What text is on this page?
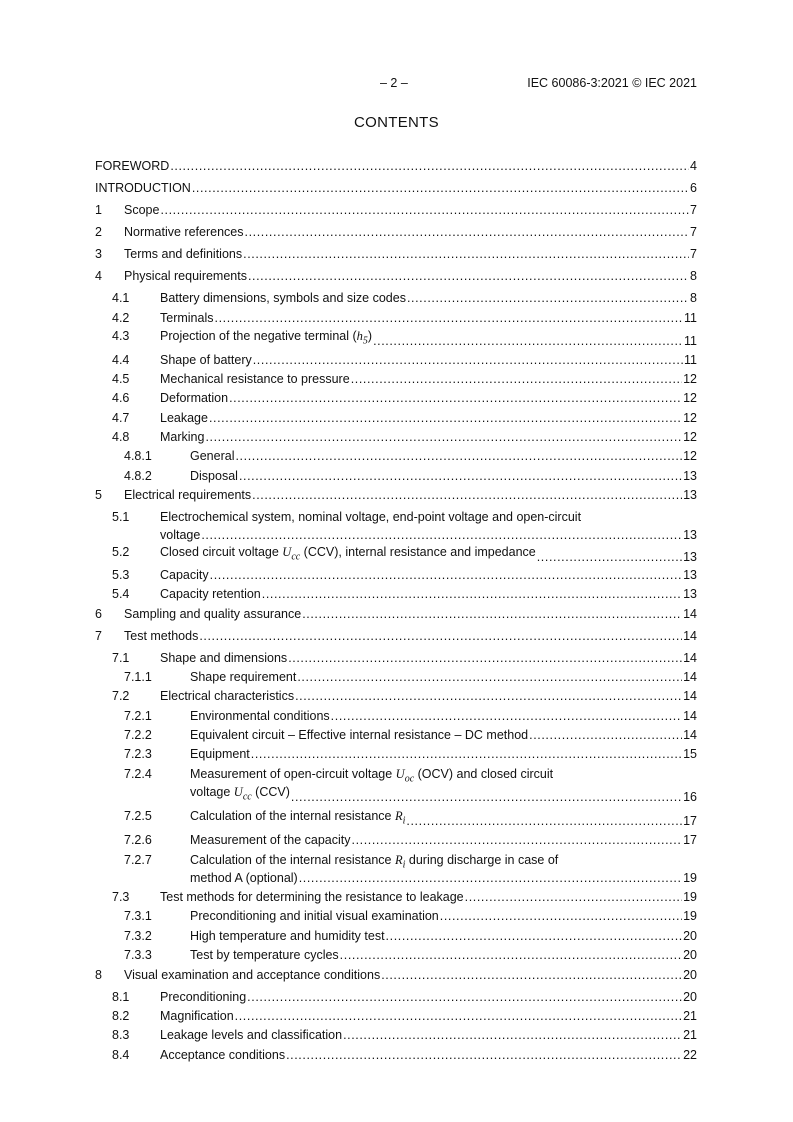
– 2 –	IEC 60086-3:2021 © IEC 2021
CONTENTS
FOREWORD .....	4
INTRODUCTION .....	6
1 Scope .....	7
2 Normative references .....	7
3 Terms and definitions .....	7
4 Physical requirements .....	8
4.1 Battery dimensions, symbols and size codes .....	8
4.2 Terminals .....	11
4.3 Projection of the negative terminal $(h_5)$ .....	11
4.4 Shape of battery .....	11
4.5 Mechanical resistance to pressure .....	12
4.6 Deformation .....	12
4.7 Leakage .....	12
4.8 Marking .....	12
4.8.1	General .....	12
4.8.2	Disposal .....	13
5 Electrical requirements .....	13
5.1 Electrochemical system, nominal voltage, end-point voltage and open-circuit
voltage .....	13
5.2 Closed circuit voltage $U_{cc}$ (CCV), internal resistance and impedance .....	13
5.3 Capacity .....	13
5.4 Capacity retention .....	13
6 Sampling and quality assurance .....	14
7 Test methods .....	14
7.1 Shape and dimensions .....	14
7.1.1	Shape requirement .....	14
7.2 Electrical characteristics .....	14
7.2.1	Environmental conditions .....	14
7.2.2	Equivalent circuit – Effective internal resistance – DC method .....	14
7.2.3	Equipment .....	15
7.2.4	Measurement of open-circuit voltage $U_{oc}$ (OCV) and closed circuit
voltage $U_{cc}$ (CCV) .....	16
7.2.5	Calculation of the internal resistance $R_i$ .....	17
7.2.6	Measurement of the capacity .....	17
7.2.7	Calculation of the internal resistance $R_i$ during discharge in case of
method A (optional) .....	19
7.3 Test methods for determining the resistance to leakage .....	19
7.3.1	Preconditioning and initial visual examination .....	19
7.3.2	High temperature and humidity test .....	20
7.3.3	Test by temperature cycles .....	20
8 Visual examination and acceptance conditions .....	20
8.1 Preconditioning .....	20
8.2 Magnification .....	21
8.3 Leakage levels and classification .....	21
8.4 Acceptance conditions .....	22
